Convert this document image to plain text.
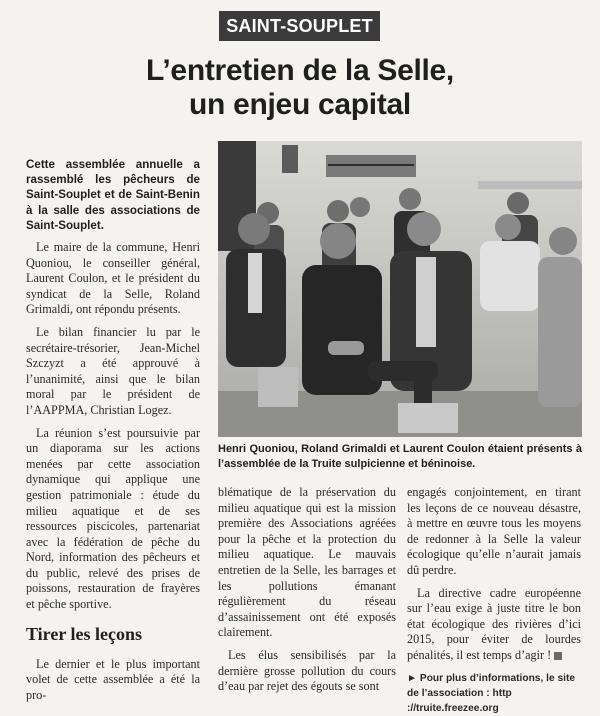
SAINT-SOUPLET
L’entretien de la Selle,
un enjeu capital

Cette assemblée annuelle a rassemblé les pêcheurs de Saint-Souplet et de Saint-Benin à la salle des associations de Saint-Souplet.

Le maire de la commune, Henri Quoniou, le conseiller général, Laurent Coulon, et le président du syndicat de la Selle, Roland Grimaldi, ont répondu présents.

Le bilan financier lu par le secrétaire-trésorier, Jean-Michel Szczyzt a été approuvé à l’unanimité, ainsi que le bilan moral par le président de l’AAPPMA, Christian Logez.

La réunion s’est poursuivie par un diaporama sur les actions menées par cette association dynamique qui applique une gestion patrimoniale : étude du milieu aquatique et de ses ressources piscicoles, partenariat avec la fédération de pêche du Nord, information des pêcheurs et du public, relevé des prises de poissons, restauration de frayères et pêche sportive.

Tirer les leçons

Le dernier et le plus important volet de cette assemblée a été la pro-

Henri Quoniou, Roland Grimaldi et Laurent Coulon étaient présents à l’assemblée de la Truite sulpicienne et béninoise.

blématique de la préservation du milieu aquatique qui est la mission première des Associations agréées pour la pêche et la protection du milieu aquatique. Le mauvais entretien de la Selle, les barrages et les pollutions émanant régulièrement du réseau d’assainissement ont été exposés clairement.

Les élus sensibilisés par la dernière grosse pollution du cours d’eau par rejet des égouts se sont

engagés conjointement, en tirant les leçons de ce nouveau désastre, à mettre en œuvre tous les moyens de redonner à la Selle la valeur écologique qu’elle n’aurait jamais dû perdre.

La directive cadre européenne sur l’eau exige à juste titre le bon état écologique des rivières d’ici 2015, pour éviter de lourdes pénalités, il est temps d’agir !

► Pour plus d’informations, le site de l’association : http ://truite.freezee.org
